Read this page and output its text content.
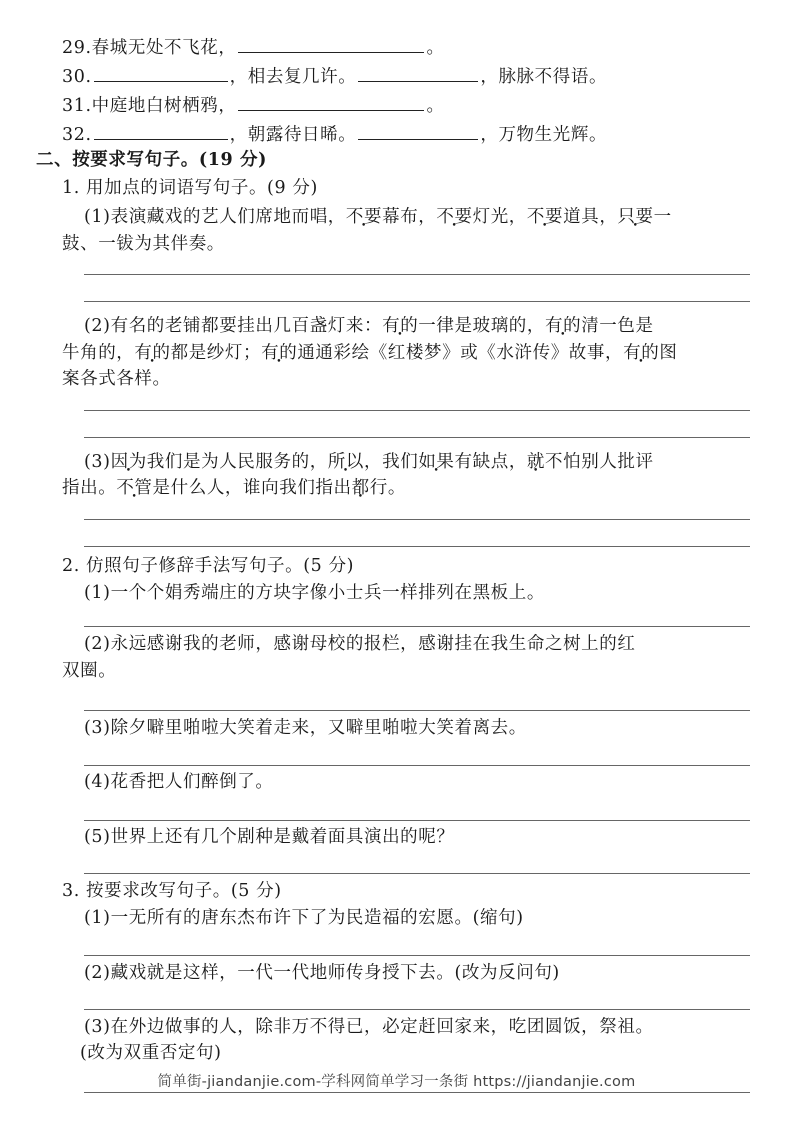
29.春城无处不飞花，	。
30.	，相去复几许。	，脉脉不得语。
31.中庭地白树栖鸦，	。
32.	，朝露待日晞。	，万物生光辉。
二、按要求写句子。(19 分)
1. 用加点的词语写句子。(9 分)
(1)表演藏戏的艺人们席地而唱，不要幕布，不要灯光，不要道具，只要一
鼓、一钹为其伴奏。
(2)有名的老铺都要挂出几百盏灯来：有的一律是玻璃的，有的清一色是
牛角的，有的都是纱灯；有的通通彩绘《红楼梦》或《水浒传》故事，有的图
案各式各样。
(3)因为我们是为人民服务的，所以，我们如果有缺点，就不怕别人批评
指出。不管是什么人，谁向我们指出都行。
2. 仿照句子修辞手法写句子。(5 分)
(1)一个个娟秀端庄的方块字像小士兵一样排列在黑板上。
(2)永远感谢我的老师，感谢母校的报栏，感谢挂在我生命之树上的红
双圈。
(3)除夕噼里啪啦大笑着走来，又噼里啪啦大笑着离去。
(4)花香把人们醉倒了。
(5)世界上还有几个剧种是戴着面具演出的呢？
3. 按要求改写句子。(5 分)
(1)一无所有的唐东杰布许下了为民造福的宏愿。(缩句)
(2)藏戏就是这样，一代一代地师传身授下去。(改为反问句)
(3)在外边做事的人，除非万不得已，必定赶回家来，吃团圆饭，祭祖。
(改为双重否定句)
简单街-jiandanjie.com-学科网简单学习一条街 https://jiandanjie.com
